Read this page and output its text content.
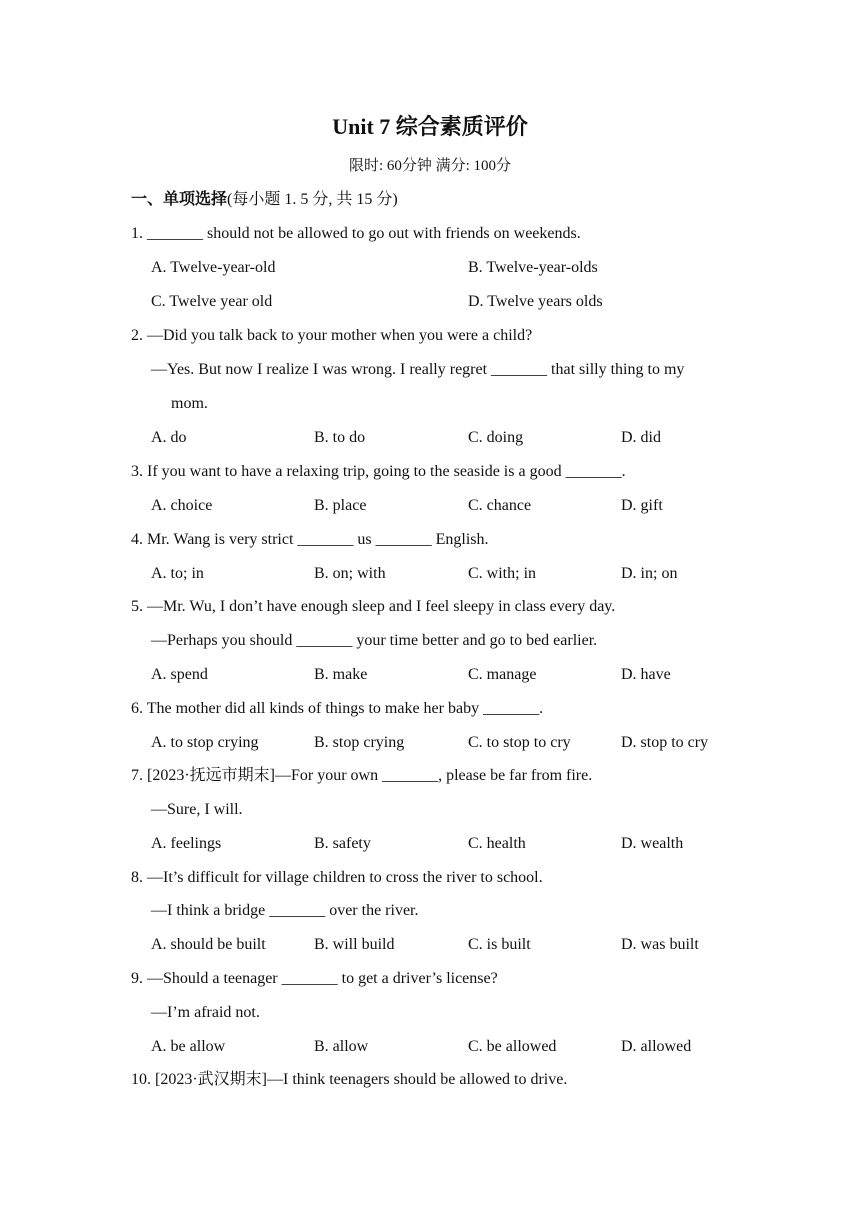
Unit 7 综合素质评价
限时: 60分钟 满分: 100分
一、单项选择(每小题 1. 5 分, 共 15 分)
1. _______ should not be allowed to go out with friends on weekends.
A. Twelve-year-old	B. Twelve-year-olds
C. Twelve year old	D. Twelve years olds
2. —Did you talk back to your mother when you were a child?
—Yes. But now I realize I was wrong. I really regret _______ that silly thing to my
mom.
A. do	B. to do	C. doing	D. did
3. If you want to have a relaxing trip, going to the seaside is a good _______.
A. choice	B. place	C. chance	D. gift
4. Mr. Wang is very strict _______ us _______ English.
A. to; in	B. on; with	C. with; in	D. in; on
5. —Mr. Wu, I don’t have enough sleep and I feel sleepy in class every day.
—Perhaps you should _______ your time better and go to bed earlier.
A. spend	B. make	C. manage	D. have
6. The mother did all kinds of things to make her baby _______.
A. to stop crying	B. stop crying	C. to stop to cry	D. stop to cry
7. [2023·抚远市期末]—For your own _______, please be far from fire.
—Sure, I will.
A. feelings	B. safety	C. health	D. wealth
8. —It’s difficult for village children to cross the river to school.
—I think a bridge _______ over the river.
A. should be built	B. will build	C. is built	D. was built
9. —Should a teenager _______ to get a driver’s license?
—I’m afraid not.
A. be allow	B. allow	C. be allowed	D. allowed
10. [2023·武汉期末]—I think teenagers should be allowed to drive.
